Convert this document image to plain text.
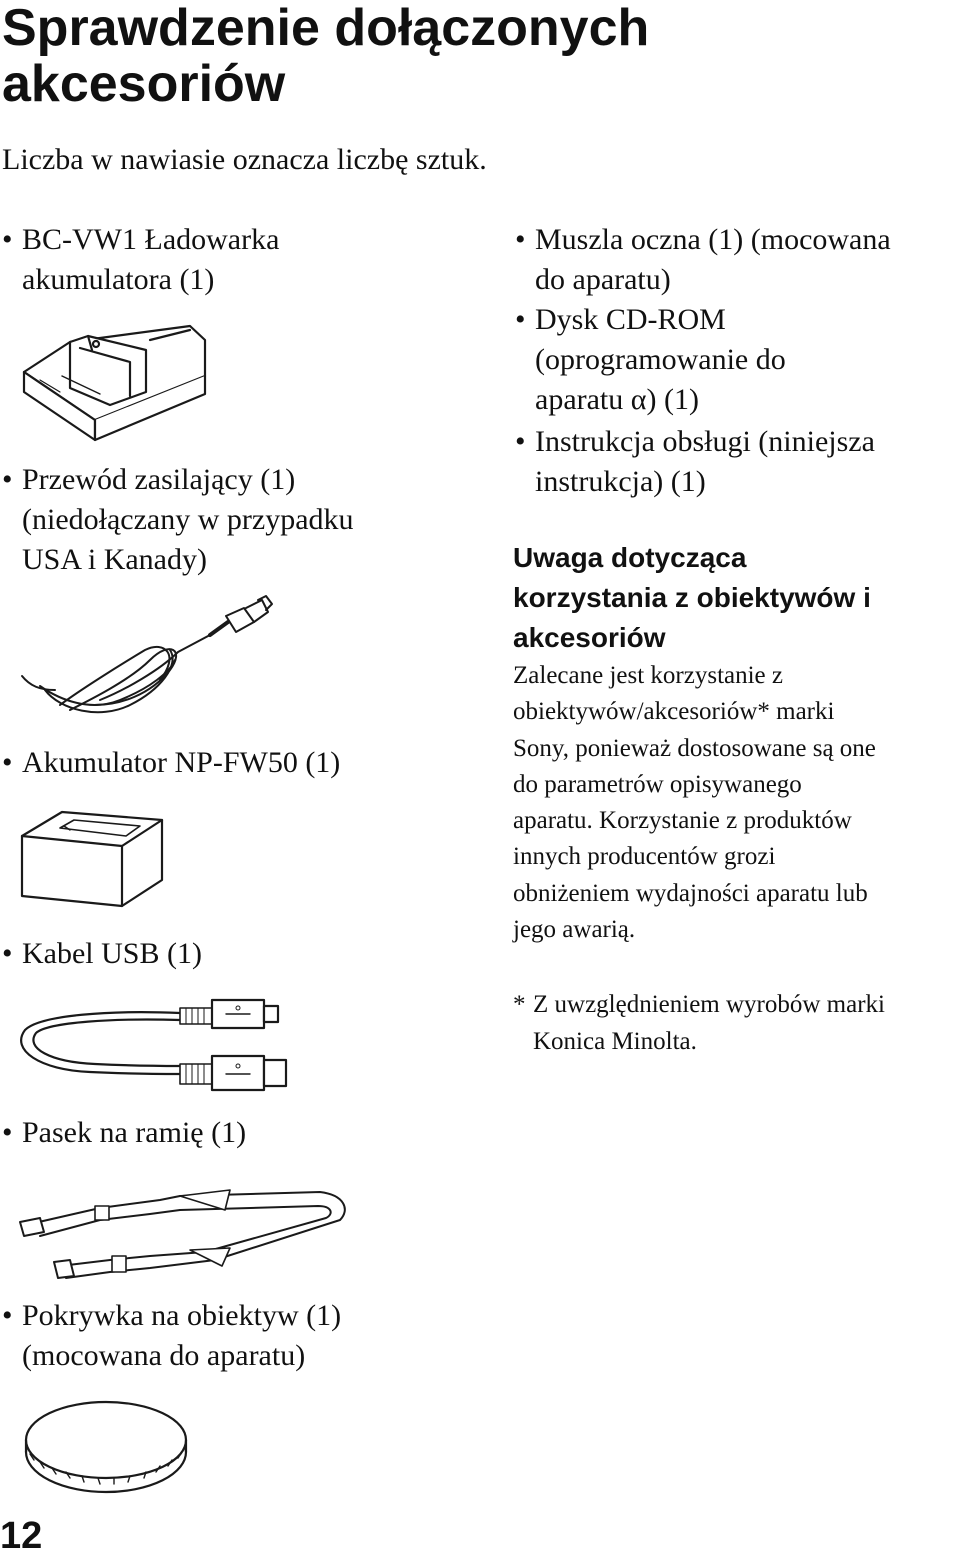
Sprawdzenie dołączonych
akcesoriów
Liczba w nawiasie oznacza liczbę sztuk.
• BC-VW1 Ładowarka
akumulatora (1)
• Przewód zasilający (1)
(niedołączany w przypadku
USA i Kanady)
• Akumulator NP-FW50 (1)
• Kabel USB (1)
• Pasek na ramię (1)
• Pokrywka na obiektyw (1)
(mocowana do aparatu)
• Muszla oczna (1) (mocowana
do aparatu)
• Dysk CD-ROM
(oprogramowanie do
aparatu α) (1)
• Instrukcja obsługi (niniejsza
instrukcja) (1)
Uwaga dotycząca
korzystania z obiektywów i
akcesoriów
Zalecane jest korzystanie z
obiektywów/akcesoriów* marki
Sony, ponieważ dostosowane są one
do parametrów opisywanego
aparatu. Korzystanie z produktów
innych producentów grozi
obniżeniem wydajności aparatu lub
jego awarią.
* Z uwzględnieniem wyrobów marki
Konica Minolta.
12
